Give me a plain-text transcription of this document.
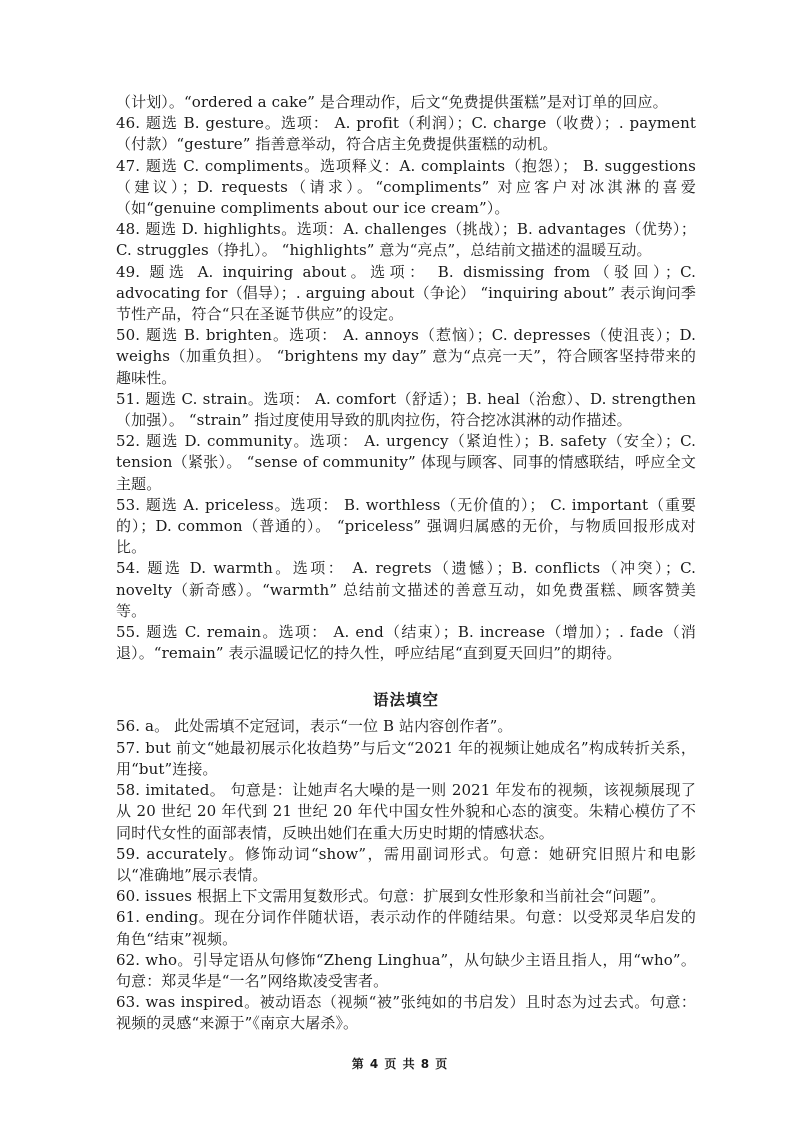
（计划）。“ordered a cake” 是合理动作，后文“免费提供蛋糕”是对订单的回应。

46. 题选 B. gesture。选项： A. profit（利润）；C. charge（收费）；. payment（付款）“gesture” 指善意举动，符合店主免费提供蛋糕的动机。

47. 题选 C. compliments。选项释义：A. complaints（抱怨）； B. suggestions（建议）；D. requests（请求）。“compliments” 对应客户对冰淇淋的喜爱（如“genuine compliments about our ice cream”）。

48. 题选 D. highlights。选项：A. challenges（挑战）；B. advantages（优势）；C. struggles（挣扎）。 “highlights” 意为“亮点”，总结前文描述的温暖互动。

49. 题选 A. inquiring about。选项： B. dismissing from（驳回）；C. advocating for（倡导）；. arguing about（争论） “inquiring about” 表示询问季节性产品，符合“只在圣诞节供应”的设定。

50. 题选 B. brighten。选项： A. annoys（惹恼）；C. depresses（使沮丧）；D. weighs（加重负担）。 “brightens my day” 意为“点亮一天”，符合顾客坚持带来的趣味性。

51. 题选 C. strain。选项： A. comfort（舒适）；B. heal（治愈）、D. strengthen（加强）。 “strain” 指过度使用导致的肌肉拉伤，符合挖冰淇淋的动作描述。

52. 题选 D. community。选项： A. urgency（紧迫性）；B. safety（安全）；C. tension（紧张）。 “sense of community” 体现与顾客、同事的情感联结，呼应全文主题。

53. 题选 A. priceless。选项： B. worthless（无价值的）； C. important（重要的）；D. common（普通的）。 “priceless” 强调归属感的无价，与物质回报形成对比。

54. 题选 D. warmth。选项： A. regrets（遗憾）；B. conflicts（冲突）；C. novelty（新奇感）。“warmth” 总结前文描述的善意互动，如免费蛋糕、顾客赞美等。

55. 题选 C. remain。选项： A. end（结束）；B. increase（增加）；. fade（消退）。“remain” 表示温暖记忆的持久性，呼应结尾“直到夏天回归”的期待。

语法填空

56. a。 此处需填不定冠词，表示“一位 B 站内容创作者”。

57. but 前文“她最初展示化妆趋势”与后文“2021 年的视频让她成名”构成转折关系，用“but”连接。

58. imitated。 句意是：让她声名大噪的是一则 2021 年发布的视频，该视频展现了从 20 世纪 20 年代到 21 世纪 20 年代中国女性外貌和心态的演变。朱精心模仿了不同时代女性的面部表情，反映出她们在重大历史时期的情感状态。

59. accurately。修饰动词“show”，需用副词形式。句意：她研究旧照片和电影以“准确地”展示表情。

60. issues 根据上下文需用复数形式。句意：扩展到女性形象和当前社会“问题”。

61. ending。现在分词作伴随状语，表示动作的伴随结果。句意：以受郑灵华启发的角色“结束”视频。

62. who。引导定语从句修饰“Zheng Linghua”，从句缺少主语且指人，用“who”。句意：郑灵华是“一名”网络欺凌受害者。

63. was inspired。被动语态（视频“被”张纯如的书启发）且时态为过去式。句意：视频的灵感“来源于”《南京大屠杀》。

第 4 页 共 8 页
